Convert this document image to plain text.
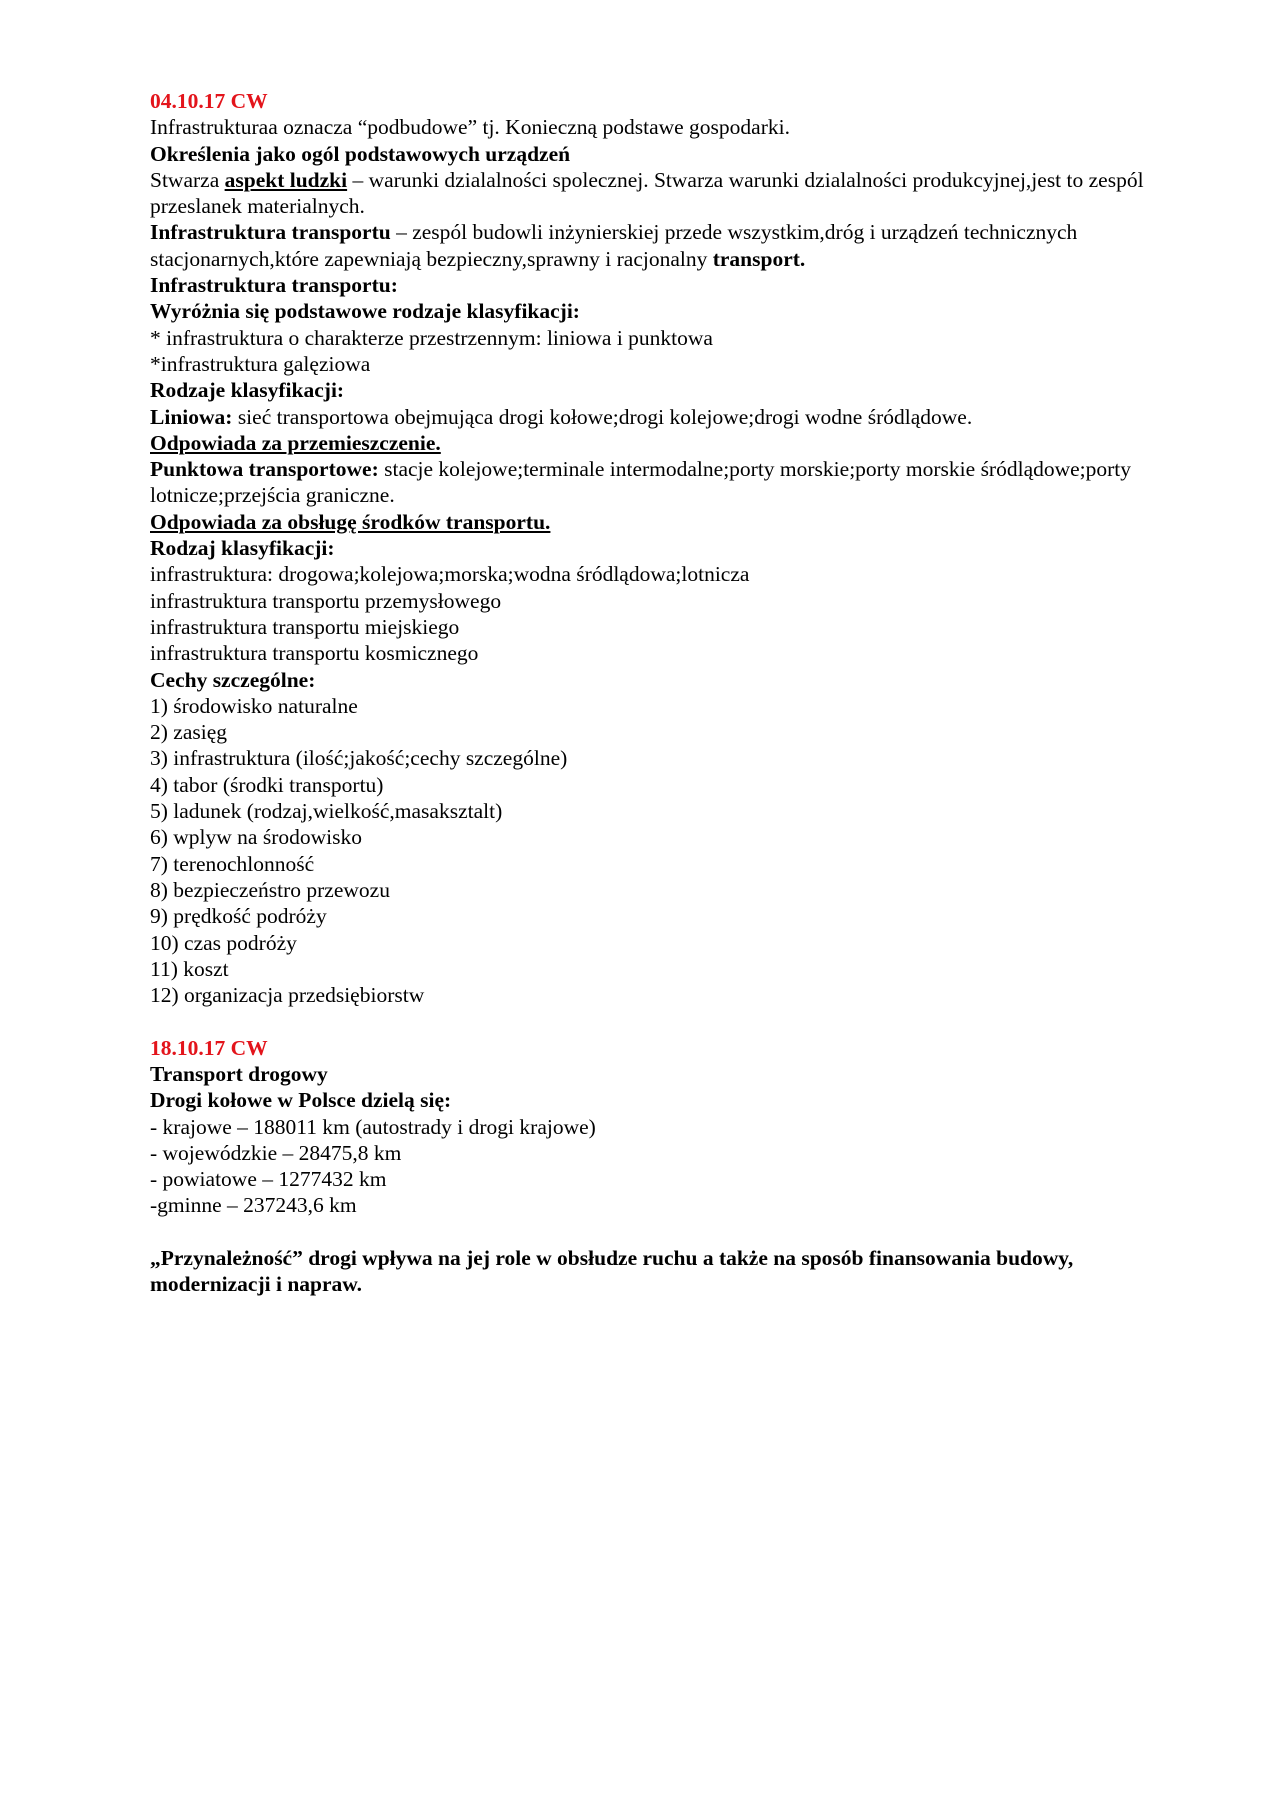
04.10.17 CW

Infrastrukturaa oznacza “podbudowe” tj. Konieczną podstawe gospodarki.

Określenia jako ogól podstawowych urządzeń

Stwarza aspekt ludzki – warunki dzialalności spolecznej. Stwarza warunki dzialalności produkcyjnej,jest to zespól przeslanek materialnych.

Infrastruktura transportu – zespól budowli inżynierskiej przede wszystkim,dróg i urządzeń technicznych stacjonarnych,które zapewniają bezpieczny,sprawny i racjonalny transport.

Infrastruktura transportu:

Wyróżnia się podstawowe rodzaje klasyfikacji:

* infrastruktura o charakterze przestrzennym: liniowa i punktowa

*infrastruktura galęziowa

Rodzaje klasyfikacji:

Liniowa: sieć transportowa obejmująca drogi kołowe;drogi kolejowe;drogi wodne śródlądowe.

Odpowiada za przemieszczenie.

Punktowa transportowe: stacje kolejowe;terminale intermodalne;porty morskie;porty morskie śródlądowe;porty lotnicze;przejścia graniczne.

Odpowiada za obsługę środków transportu.

Rodzaj klasyfikacji:

infrastruktura: drogowa;kolejowa;morska;wodna śródlądowa;lotnicza

infrastruktura transportu przemysłowego

infrastruktura transportu miejskiego

infrastruktura transportu kosmicznego

Cechy szczególne:

1) środowisko naturalne

2) zasięg

3) infrastruktura (ilość;jakość;cechy szczególne)

4) tabor (środki transportu)

5) ladunek (rodzaj,wielkość,masaksztalt)

6) wplyw na środowisko

7) terenochlonność

8) bezpieczeństro przewozu

9) prędkość podróży

10) czas podróży

11) koszt

12) organizacja przedsiębiorstw

18.10.17 CW

Transport drogowy

Drogi kołowe w Polsce dzielą się:

- krajowe – 188011 km (autostrady i drogi krajowe)

- wojewódzkie – 28475,8 km

- powiatowe – 1277432 km

-gminne – 237243,6 km

„Przynależność” drogi wpływa na jej role w obsłudze ruchu a także na sposób finansowania budowy, modernizacji i napraw.
